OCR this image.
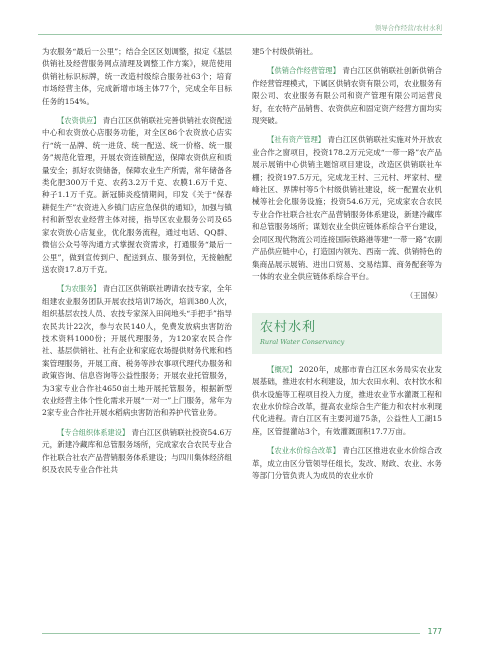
领导合作经营/农村水利

为农服务“最后一公里”；结合全区区划调整，拟定《基层供销社及经营服务网点清理及调整工作方案》，规范使用供销社标识标牌，统一改造村级综合服务社63个；培育市场经营主体，完成新增市场主体77个，完成全年目标任务的154%。

【农资供应】 青白江区供销联社完善供销社农资配送中心和农资放心店服务功能，对全区86个农资放心店实行“统一品牌、统一进货、统一配送、统一价格、统一服务”规范化管理，开展农资连锁配送，保障农资供应和质量安全；抓好农资储备，保障农业生产所需，常年储备各类化肥300万千克、农药3.2万千克、农膜1.6万千克、种子1.1万千克。新冠肺炎疫情期间，印发《关于“保春耕促生产”农资进入乡镇门店应急保供的通知》，加强与镇村和新型农业经营主体对接，指导区农业服务公司及65家农资放心店复业，优化服务流程，通过电话、QQ群、微信公众号等沟通方式掌握农资需求，打通服务“最后一公里”，做到宣传到户、配送到点、服务到位，无接触配送农资17.8万千克。

【为农服务】 青白江区供销联社聘请农技专家，全年组建农业服务团队开展农技培训7场次，培训380人次，组织基层农技人员、农技专家深入田间地头“手把手”指导农民共计22次，参与农民140人，免费发放病虫害防治技术资料1000份；开展代理服务，为120家农民合作社、基层供销社、社有企业和家庭农场提供财务代账和档案管理服务，开展工商、税务等涉农事项代理代办服务和政策咨询、信息咨询等公益性服务；开展农业托管服务，为3家专业合作社4650亩土地开展托管服务，根据新型农业经营主体个性化需求开展“一对一”上门服务，常年为2家专业合作社开展水稻病虫害防治和养护代管业务。

【专合组织体系建设】 青白江区供销联社投资54.6万元，新建冷藏库和总管服务场所，完成家农合农民专业合作社联合社农产品营销服务体系建设；与四川集体经济组织及农民专业合作社共

建5个村级供销社。

【供销合作经营管理】 青白江区供销联社创新供销合作经营管理模式，下属区供销农资有限公司，农业服务有限公司、农业服务有限公司和资产管理有限公司运营良好，在农特产品销售、农资供应和固定资产经营方面均实现突破。

【社有资产管理】 青白江区供销联社实施对外开放农业合作之窗项目，投资178.2万元完成“一带一路”农产品展示展销中心供销主题馆项目建设，改造区供销联社车棚；投资197.5万元，完成龙王村、三元村、坪家村、壁峰社区、界牌村等5个村级供销社建设，统一配置农业机械等社会化服务设施；投资54.6万元，完成家农合农民专业合作社联合社农产品营销服务体系建设，新建冷藏库和总管服务场所；谋划农业全供应链体系综合平台建设，会同区现代物流公司连接国际铁路港等建“一带一路”农副产品供应链中心，打造国内领先、西南一流、供销特色的集商品展示展销、进出口贸易、交易结算、商务配套等为一体的农业全供应链体系综合平台。

（王国保）
农村水利
Rural Water Conservancy

【概况】 2020年，成都市青白江区水务局实农业发展基础，推进农村水利建设，加大农田水利、农村饮水和供水设施等工程项目投入力度，推进农业节水灌溉工程和农业水价综合改革，提高农业综合生产能力和农村水利现代化进程。青白江区有主要河道75条，公益性人工湖15座，区管提灌站3个，有效灌溉面积17.7万亩。

【农业水价综合改革】 青白江区推进农业水价综合改革，成立由区分管领导任组长，发改、财政、农业、水务等部门分管负责人为成员的农业水价

177
